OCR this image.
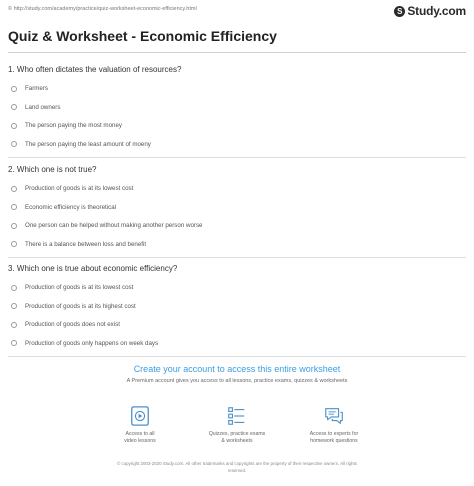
© http://study.com/academy/practice/quiz-worksheet-economic-efficiency.html	S Study.com
Quiz & Worksheet - Economic Efficiency
1. Who often dictates the valuation of resources?
Farmers
Land owners
The person paying the most money
The person paying the least amount of moeny
2. Which one is not true?
Production of goods is at its lowest cost
Economic efficiency is theoretical
One person can be helped without making another person worse
There is a balance between loss and benefit
3. Which one is true about economic efficiency?
Production of goods is at its lowest cost
Production of goods is at its highest cost
Production of goods does not exist
Production of goods only happens on week days
Create your account to access this entire worksheet
A Premium account gives you access to all lessons, practice exams, quizzes & worksheets
Access to all
video lessons
Quizzes, practice exams
& worksheets
Access to experts for
homework questions
© copyright 2003-2020 Study.com. All other trademarks and copyrights are the property of their respective owners. All rights
reserved.
